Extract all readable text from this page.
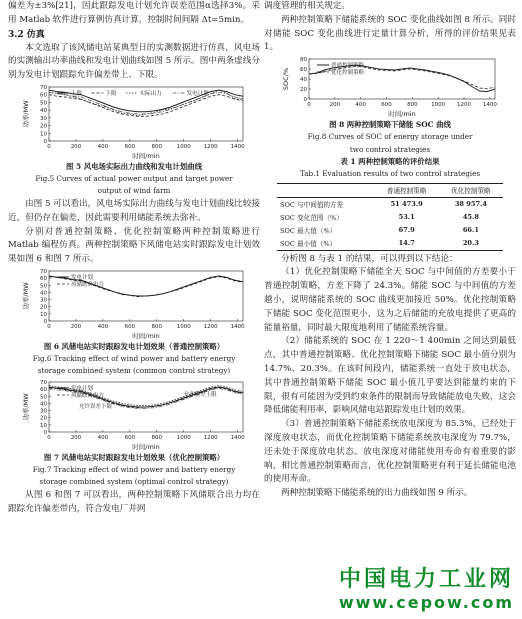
偏差为±3%[21]，因此跟踪发电计划允许误差范围α选择3%。采用 Matlab 软件进行算例仿真计算，控制时间间隔 Δt=5min。

3.2 仿真

本文选取了该风储电站某典型日的实测数据进行仿真，风电场的实测输出功率曲线和发电计划曲线如图 5 所示。图中两条虚线分别为发电计划跟踪允许偏差带上、下限。

0	200	400	600	800	1000 1200 1400
0
10
20
30
40
50
60
70
时间/min
功率/MW
上限	下限	实际出力	发电计划

图 5 风电场实际出力曲线和发电计划曲线

Fig.5 Curves of actual power output and target power

output of wind farm

由图 5 可以看出，风电场实际出力曲线与发电计划曲线比较接近，但仍存在偏差，因此需要利用储能系统去弥补。

分别对普通控制策略、优化控制策略两种控制策略进行 Matlab 编程仿真。两种控制策略下风储电站实时跟踪发电计划效果如图 6 和图 7 所示。

0	200	400	600	800	1000 1200 1400
0
10
20
30
40
50
60
70
时间/min
功率/MW
发电计划
风储联合出力

图 6 风储电站实时跟踪发电计划效果（普通控制策略）

Fig.6 Tracking effect of wind power and battery energy

storage combined system (common control strategy)

0	200	400	600	800	1000 1200 1400
0
10
20
30
40
50
60
70
时间/min
功率/MW
发电计划
风储联合出力	允许误差上限
允许误差下限

图 7 风储电站实时跟踪发电计划效果（优化控制策略）

Fig.7 Tracking effect of wind power and battery energy

storage combined system (optimal control strategy)

从图 6 和图 7 可以看出，两种控制策略下风储联合出力均在跟踪允许偏差带内，符合发电厂并网

调度管理的相关规定。

两种控制策略下储能系统的 SOC 变化曲线如图 8 所示。同时对储能 SOC 变化曲线进行定量计算分析，所得的评价结果见表 1。

0	200	400	600	800 1000 1200 1400
0
20
40
60
80
时间/min
SOC/%
普通控制策略
优化控制策略

图 8 两种控制策略下储能 SOC 曲线

Fig.8 Curves of SOC of energy storage under

two control strategies

表 1 两种控制策略的评价结果

Tab.1 Evaluation results of two control strategies

	普通控制策略	优化控制策略
SOC 与中间值的方差	51 473.9	38 957.4
SOC 变化范围（%）	53.1	45.8
SOC 最大值（%）	67.9	66.1
SOC 最小值（%）	14.7	20.3

分析图 8 与表 1 的结果，可以得到以下结论：

（1）优化控制策略下储能全天 SOC 与中间值的方差要小于普通控制策略，方差下降了 24.3%。储能 SOC 与中间值的方差越小，说明储能系统的 SOC 曲线更加接近 50%。优化控制策略下储能 SOC 变化范围更小，这为之后储能的充放电提供了更高的能量裕量，同时最大限度地利用了储能系统容量。

（2）储能系统的 SOC 在 1 220～1 400min 之间达到最低点，其中普通控制策略、优化控制策略下储能 SOC 最小值分别为 14.7%、20.3%。在该时间段内，储能系统一直处于放电状态，其中普通控制策略下储能 SOC 最小值几乎要达到能量约束的下限，很有可能因为受到约束条件的限制而导致储能放电失败，这会降低储能利用率，影响风储电站跟踪发电计划的效果。

（3）普通控制策略下储能系统放电深度为 85.3%，已经处于深度放电状态，而优化控制策略下储能系统放电深度为 79.7%，还未处于深度放电状态。放电深度对储能使用寿命有着重要的影响，相比普通控制策略而言，优化控制策略更有利于延长储能电池的使用寿命。

两种控制策略下储能系统的出力曲线如图 9 所示。

中国电力工业网
www.cepow.com
